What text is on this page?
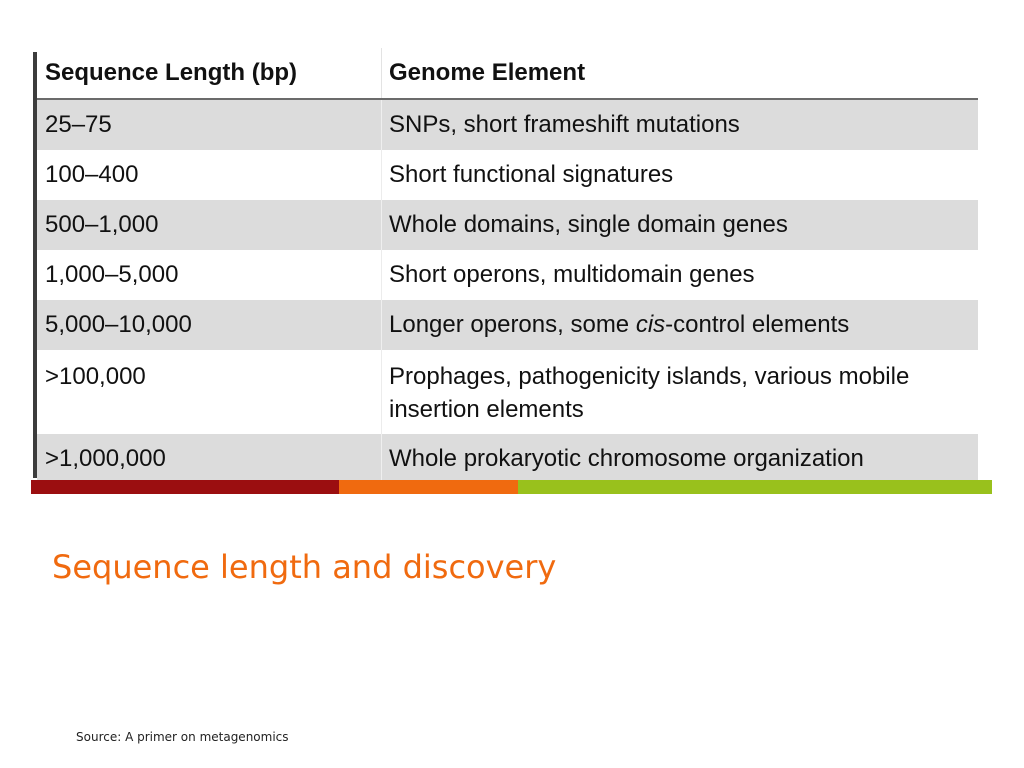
Sequence Length (bp)	Genome Element
25–75	SNPs, short frameshift mutations
100–400	Short functional signatures
500–1,000	Whole domains, single domain genes
1,000–5,000	Short operons, multidomain genes
5,000–10,000	Longer operons, some cis-control elements
>100,000	Prophages, pathogenicity islands, various mobile
insertion elements
>1,000,000	Whole prokaryotic chromosome organization
Sequence length and discovery
Source: A primer on metagenomics
